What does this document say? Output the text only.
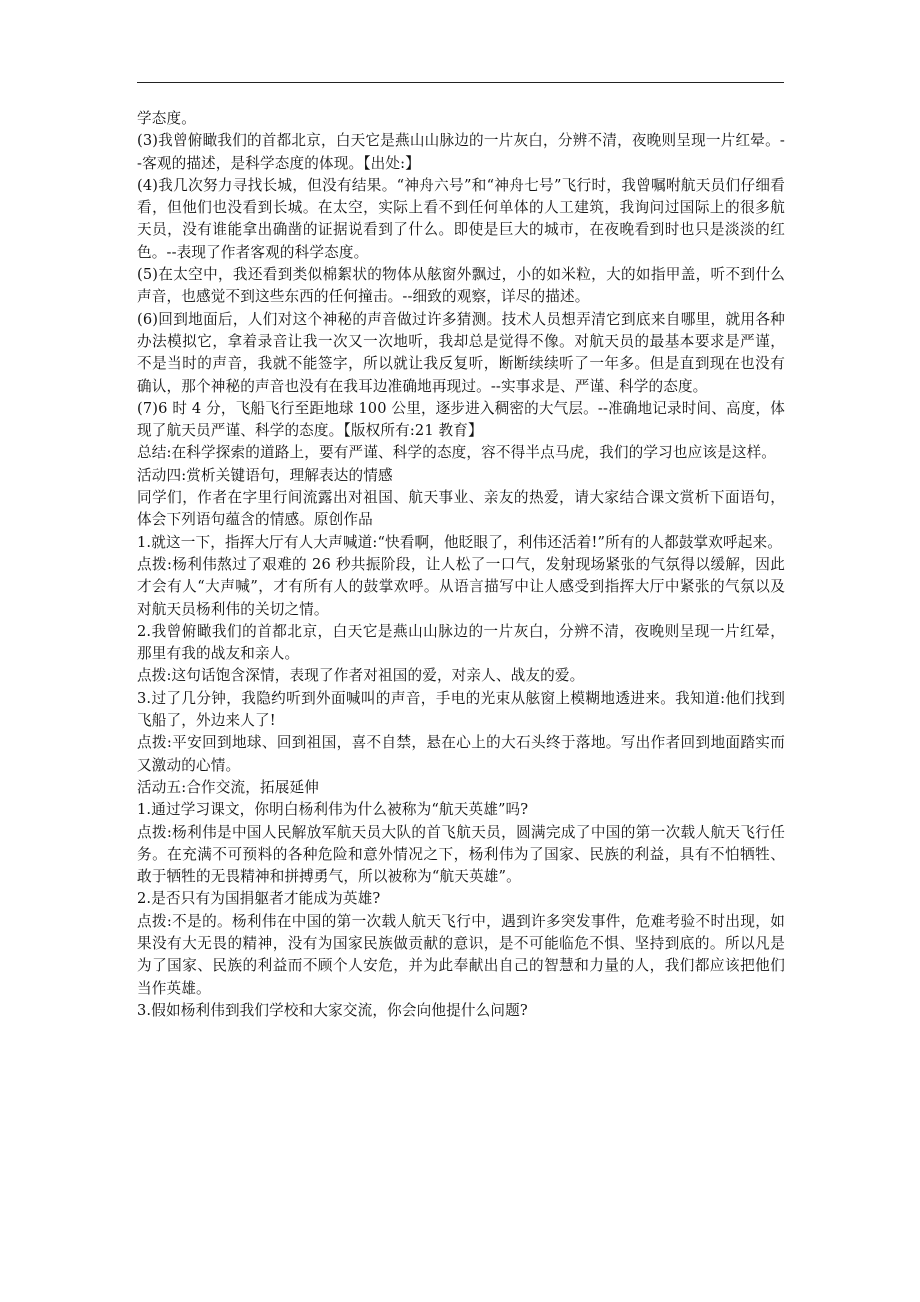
学态度。

(3)我曾俯瞰我们的首都北京，白天它是燕山山脉边的一片灰白，分辨不清，夜晚则呈现一片红晕。--客观的描述，是科学态度的体现。【出处:】

(4)我几次努力寻找长城，但没有结果。“神舟六号”和“神舟七号”飞行时，我曾嘱咐航天员们仔细看看，但他们也没看到长城。在太空，实际上看不到任何单体的人工建筑，我询问过国际上的很多航天员，没有谁能拿出确凿的证据说看到了什么。即使是巨大的城市，在夜晚看到时也只是淡淡的红色。--表现了作者客观的科学态度。

(5)在太空中，我还看到类似棉絮状的物体从舷窗外飘过，小的如米粒，大的如指甲盖，听不到什么声音，也感觉不到这些东西的任何撞击。--细致的观察，详尽的描述。

(6)回到地面后，人们对这个神秘的声音做过许多猜测。技术人员想弄清它到底来自哪里，就用各种办法模拟它，拿着录音让我一次又一次地听，我却总是觉得不像。对航天员的最基本要求是严谨，不是当时的声音，我就不能签字，所以就让我反复听，断断续续听了一年多。但是直到现在也没有确认，那个神秘的声音也没有在我耳边准确地再现过。--实事求是、严谨、科学的态度。

(7)6 时 4 分，飞船飞行至距地球 100 公里，逐步进入稠密的大气层。--准确地记录时间、高度，体现了航天员严谨、科学的态度。【版权所有:21 教育】

总结:在科学探索的道路上，要有严谨、科学的态度，容不得半点马虎，我们的学习也应该是这样。

活动四:赏析关键语句，理解表达的情感

同学们，作者在字里行间流露出对祖国、航天事业、亲友的热爱，请大家结合课文赏析下面语句，体会下列语句蕴含的情感。原创作品

1.就这一下，指挥大厅有人大声喊道:“快看啊，他眨眼了，利伟还活着!”所有的人都鼓掌欢呼起来。

点拨:杨利伟熬过了艰难的 26 秒共振阶段，让人松了一口气，发射现场紧张的气氛得以缓解，因此才会有人“大声喊”，才有所有人的鼓掌欢呼。从语言描写中让人感受到指挥大厅中紧张的气氛以及对航天员杨利伟的关切之情。

2.我曾俯瞰我们的首都北京，白天它是燕山山脉边的一片灰白，分辨不清，夜晚则呈现一片红晕，那里有我的战友和亲人。

点拨:这句话饱含深情，表现了作者对祖国的爱，对亲人、战友的爱。

3.过了几分钟，我隐约听到外面喊叫的声音，手电的光束从舷窗上模糊地透进来。我知道:他们找到飞船了，外边来人了!

点拨:平安回到地球、回到祖国，喜不自禁，悬在心上的大石头终于落地。写出作者回到地面踏实而又激动的心情。

活动五:合作交流，拓展延伸

1.通过学习课文，你明白杨利伟为什么被称为“航天英雄”吗?

点拨:杨利伟是中国人民解放军航天员大队的首飞航天员，圆满完成了中国的第一次载人航天飞行任务。在充满不可预料的各种危险和意外情况之下，杨利伟为了国家、民族的利益，具有不怕牺牲、敢于牺牲的无畏精神和拼搏勇气，所以被称为“航天英雄”。

2.是否只有为国捐躯者才能成为英雄?

点拨:不是的。杨利伟在中国的第一次载人航天飞行中，遇到许多突发事件，危难考验不时出现，如果没有大无畏的精神，没有为国家民族做贡献的意识，是不可能临危不惧、坚持到底的。所以凡是为了国家、民族的利益而不顾个人安危，并为此奉献出自己的智慧和力量的人，我们都应该把他们当作英雄。

3.假如杨利伟到我们学校和大家交流，你会向他提什么问题?
